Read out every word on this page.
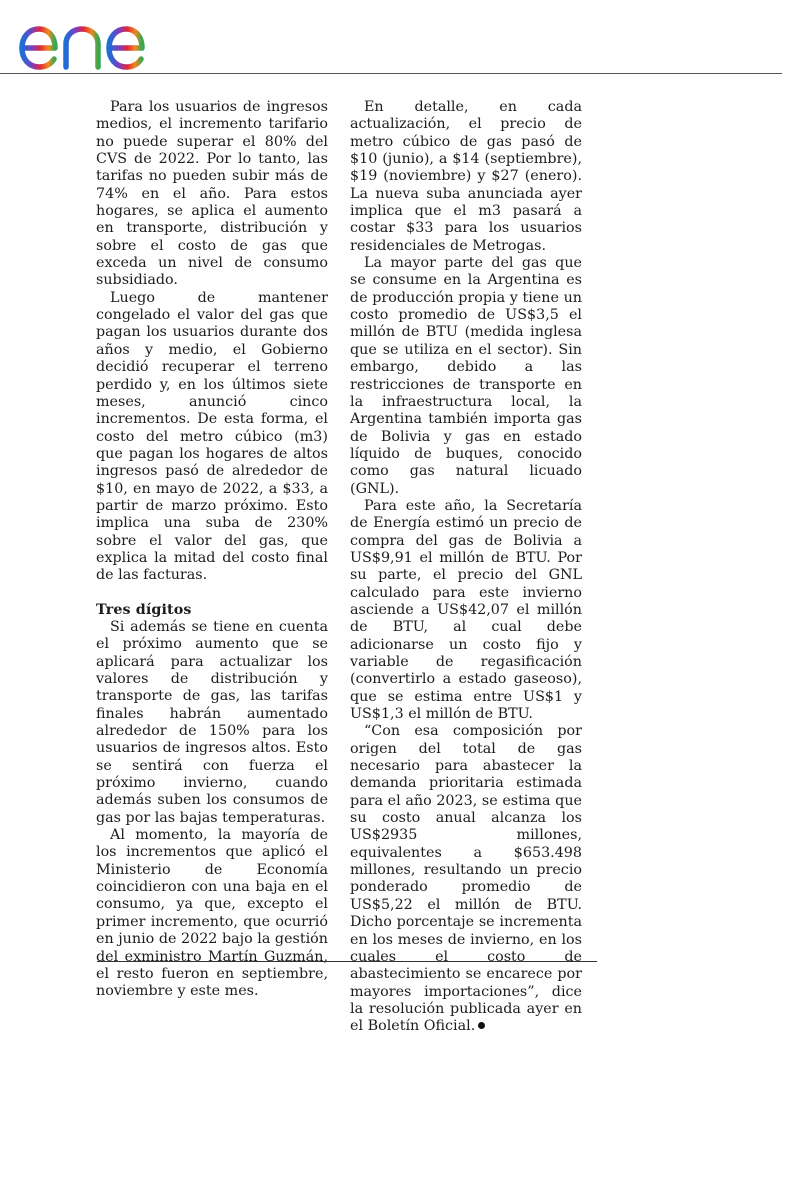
Para los usuarios de ingresos medios, el incremento tarifario no puede superar el 80% del CVS de 2022. Por lo tanto, las tarifas no pueden subir más de 74% en el año. Para estos hogares, se aplica el aumento en transporte, distribución y sobre el costo de gas que exceda un nivel de consumo subsidiado.

Luego de mantener congelado el valor del gas que pagan los usuarios durante dos años y medio, el Gobierno decidió recuperar el terreno perdido y, en los últimos siete meses, anunció cinco incrementos. De esta forma, el costo del metro cúbico (m3) que pagan los hogares de altos ingresos pasó de alrededor de $10, en mayo de 2022, a $33, a partir de marzo próximo. Esto implica una suba de 230% sobre el valor del gas, que explica la mitad del costo final de las facturas.

Tres dígitos

Si además se tiene en cuenta el próximo aumento que se aplicará para actualizar los valores de distribución y transporte de gas, las tarifas finales habrán aumentado alrededor de 150% para los usuarios de ingresos altos. Esto se sentirá con fuerza el próximo invierno, cuando además suben los consumos de gas por las bajas temperaturas.

Al momento, la mayoría de los incrementos que aplicó el Ministerio de Economía coincidieron con una baja en el consumo, ya que, excepto el primer incremento, que ocurrió en junio de 2022 bajo la gestión del exministro Martín Guzmán, el resto fueron en septiembre, noviembre y este mes.

En detalle, en cada actualización, el precio de metro cúbico de gas pasó de $10 (junio), a $14 (septiembre), $19 (noviembre) y $27 (enero). La nueva suba anunciada ayer implica que el m3 pasará a costar $33 para los usuarios residenciales de Metrogas.

La mayor parte del gas que se consume en la Argentina es de producción propia y tiene un costo promedio de US$3,5 el millón de BTU (medida inglesa que se utiliza en el sector). Sin embargo, debido a las restricciones de transporte en la infraestructura local, la Argentina también importa gas de Bolivia y gas en estado líquido de buques, conocido como gas natural licuado (GNL).

Para este año, la Secretaría de Energía estimó un precio de compra del gas de Bolivia a US$9,91 el millón de BTU. Por su parte, el precio del GNL calculado para este invierno asciende a US$42,07 el millón de BTU, al cual debe adicionarse un costo fijo y variable de regasificación (convertirlo a estado gaseoso), que se estima entre US$1 y US$1,3 el millón de BTU.

“Con esa composición por origen del total de gas necesario para abastecer la demanda prioritaria estimada para el año 2023, se estima que su costo anual alcanza los US$2935 millones, equivalentes a $653.498 millones, resultando un precio ponderado promedio de US$5,22 el millón de BTU. Dicho porcentaje se incrementa en los meses de invierno, en los cuales el costo de abastecimiento se encarece por mayores importaciones”, dice la resolución publicada ayer en el Boletín Oficial.
